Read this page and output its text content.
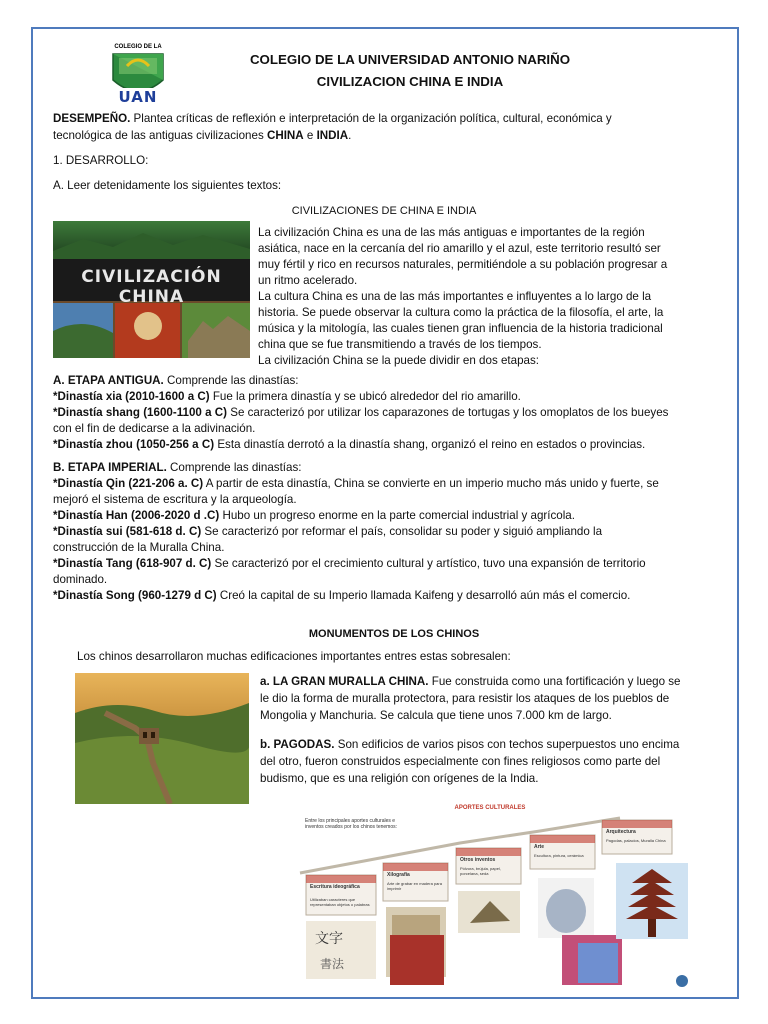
COLEGIO DE LA
UAN
COLEGIO DE LA UNIVERSIDAD ANTONIO NARIÑO
CIVILIZACION CHINA E INDIA
DESEMPEÑO. Plantea críticas de reflexión e interpretación de la organización política, cultural, económica y
tecnológica de las antiguas civilizaciones CHINA e INDIA.
1. DESARROLLO:
A. Leer detenidamente los siguientes textos:
CIVILIZACIONES DE CHINA E INDIA
CIVILIZACIÓN CHINA

La civilización China es una de las más antiguas e importantes de la región

asiática, nace en la cercanía del rio amarillo y el azul, este territorio resultó ser

muy fértil y rico en recursos naturales, permitiéndole a su población progresar a

un ritmo acelerado.

La cultura China es una de las más importantes e influyentes a lo largo de la

historia. Se puede observar la cultura como la práctica de la filosofía, el arte, la

música y la mitología, las cuales tienen gran influencia de la historia tradicional

china que se fue transmitiendo a través de los tiempos.

La civilización China se la puede dividir en dos etapas:

A. ETAPA ANTIGUA. Comprende las dinastías:

*Dinastía xia (2010-1600 a C) Fue la primera dinastía y se ubicó alrededor del rio amarillo.

*Dinastía shang (1600-1100 a C) Se caracterizó por utilizar los caparazones de tortugas y los omoplatos de los bueyes

con el fin de dedicarse a la adivinación.

*Dinastía zhou (1050-256 a C) Esta dinastía derrotó a la dinastía shang, organizó el reino en estados o provincias.

B. ETAPA IMPERIAL. Comprende las dinastías:

*Dinastía Qin (221-206 a. C) A partir de esta dinastía, China se convierte en un imperio mucho más unido y fuerte, se

mejoró el sistema de escritura y la arqueología.

*Dinastía Han (2006-2020 d .C) Hubo un progreso enorme en la parte comercial industrial y agrícola.

*Dinastía sui (581-618 d. C) Se caracterizó por reformar el país, consolidar su poder y siguió ampliando la

construcción de la Muralla China.

*Dinastía Tang (618-907 d. C) Se caracterizó por el crecimiento cultural y artístico, tuvo una expansión de territorio

dominado.

*Dinastía Song (960-1279 d C) Creó la capital de su Imperio llamada Kaifeng y desarrolló aún más el comercio.

MONUMENTOS DE LOS CHINOS
Los chinos desarrollaron muchas edificaciones importantes entres estas sobresalen:

a. LA GRAN MURALLA CHINA. Fue construida como una fortificación y luego se

le dio la forma de muralla protectora, para resistir los ataques de los pueblos de

Mongolia y Manchuria. Se calcula que tiene unos 7.000 km de largo.

b. PAGODAS. Son edificios de varios pisos con techos superpuestos uno encima

del otro, fueron construidos especialmente con fines religiosos como parte del

budismo, que es una religión con orígenes de la India.

APORTES CULTURALES
Entre los principales aportes culturales e inventos creados por los chinos tenemos:
文字
書法
Escritura ideográfica
Utilizaban caracteres que representaban objetos o palabras
Xilografía
Arte de grabar en madera para imprimir
Otros inventos
Pólvora, brújula, papel, porcelana, seda
Arte
Escultura, pintura, cerámica
Arquitectura
Pagodas, palacios, Muralla China
